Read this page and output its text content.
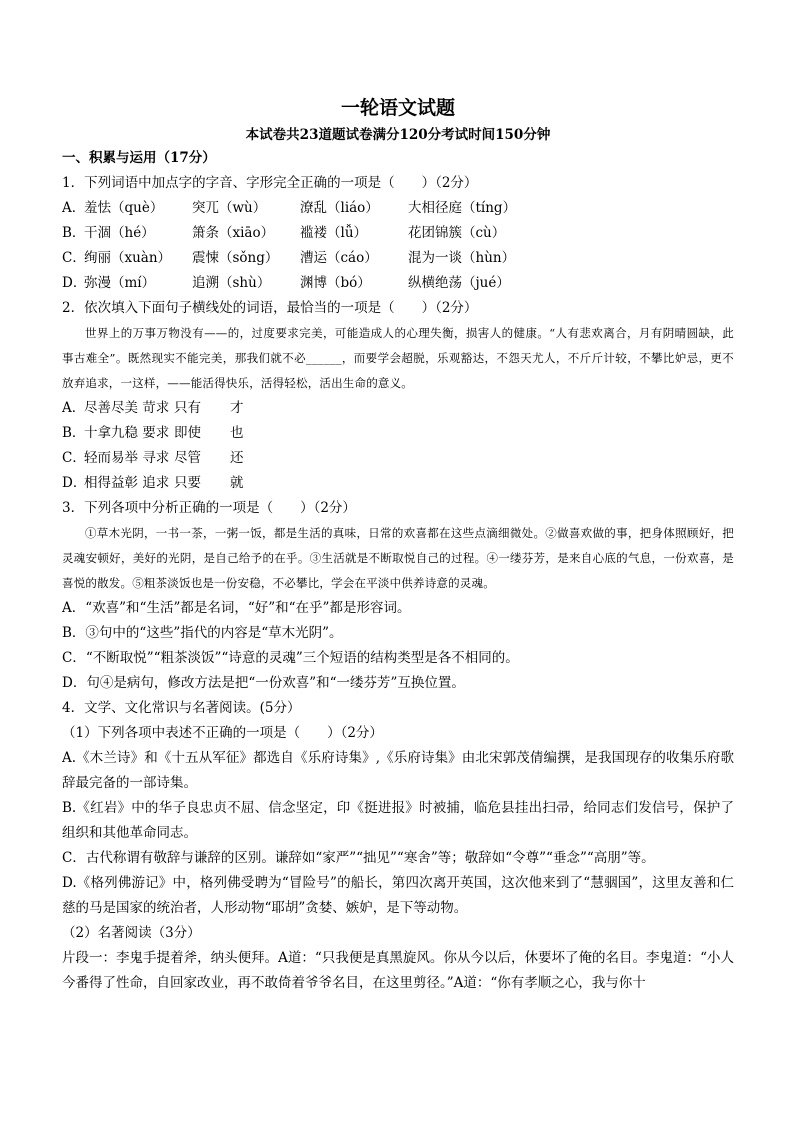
一轮语文试题

本试卷共23道题试卷满分120分考试时间150分钟

一、积累与运用（17分）

1．下列词语中加点字的字音、字形完全正确的一项是（　　）（2分）

A．羞怯（què） 突兀（wù）	潦乱（liáo） 大相径庭（tíng）

B．干涸（hé）	箫条（xiāo） 褴褛（lǚ）	花团锦簇（cù）

C．绚丽（xuàn） 震悚（sǒng） 漕运（cáo） 混为一谈（hùn）

D．弥漫（mí）	追溯（shù） 渊博（bó）	纵横绝荡（jué）

2．依次填入下面句子横线处的词语，最恰当的一项是（　　）（2分）

世界上的万事万物没有——的，过度要求完美，可能造成人的心理失衡，损害人的健康。“人有悲欢离合，月有阴晴圆缺，此事古难全”。既然现实不能完美，那我们就不必______，而要学会超脱，乐观豁达，不怨天尤人，不斤斤计较，不攀比妒忌，更不放弃追求，一这样，——能活得快乐，活得轻松，活出生命的意义。

A．尽善尽美 苛求 只有 才

B．十拿九稳 要求 即使 也

C．轻而易举 寻求 尽管 还

D．相得益彰 追求 只要 就

3．下列各项中分析正确的一项是（　　）（2分）

①草木光阴，一书一茶，一粥一饭，都是生活的真味，日常的欢喜都在这些点滴细微处。②做喜欢做的事，把身体照顾好，把灵魂安顿好，美好的光阴，是自己给予的在乎。③生活就是不断取悦自己的过程。④一缕芬芳，是来自心底的气息，一份欢喜，是喜悦的散发。⑤粗茶淡饭也是一份安稳，不必攀比，学会在平淡中供养诗意的灵魂。

A．“欢喜”和“生活”都是名词，“好”和“在乎”都是形容词。

B．③句中的“这些”指代的内容是“草木光阴”。

C．“不断取悦”“粗茶淡饭”“诗意的灵魂”三个短语的结构类型是各不相同的。

D．句④是病句，修改方法是把“一份欢喜”和“一缕芬芳”互换位置。

4．文学、文化常识与名著阅读。(5分）

（1）下列各项中表述不正确的一项是（　　）（2分）

A.《木兰诗》和《十五从军征》都选自《乐府诗集》,《乐府诗集》由北宋郭茂倩编撰，是我国现存的收集乐府歌辞最完备的一部诗集。

B.《红岩》中的华子良忠贞不屈、信念坚定，印《挺进报》时被捕，临危县挂出扫帚，给同志们发信号，保护了组织和其他革命同志。

C．古代称谓有敬辞与谦辞的区别。谦辞如“家严”“拙见”“寒舍”等；敬辞如“令尊”“垂念”“高朋”等。

D.《格列佛游记》中，格列佛受聘为“冒险号”的船长，第四次离开英国，这次他来到了“慧骃国”，这里友善和仁慈的马是国家的统治者，人形动物“耶胡”贪婪、嫉妒，是下等动物。

（2）名著阅读（3分）

片段一：李鬼手提着斧，纳头便拜。A道：“只我便是真黑旋风。你从今以后，休要坏了俺的名目。李鬼道：“小人今番得了性命，自回家改业，再不敢倚着爷爷名目，在这里剪径。”A道：“你有孝顺之心，我与你十
